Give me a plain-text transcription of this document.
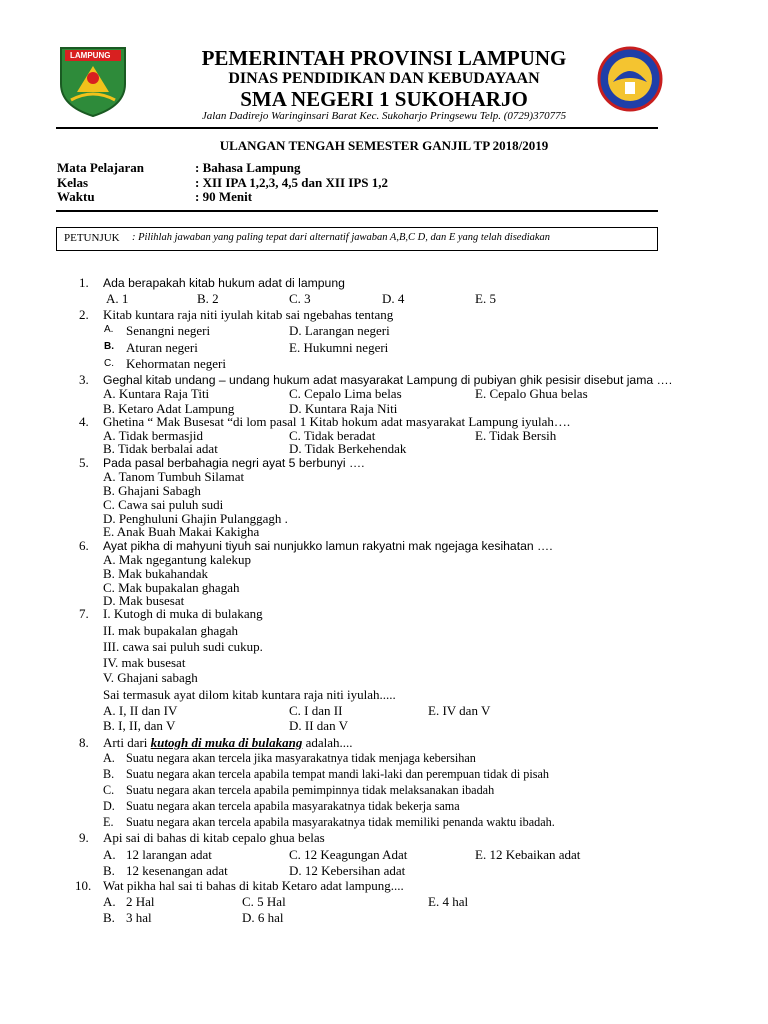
LAMPUNG	PEMERINTAH PROVINSI LAMPUNG
DINAS PENDIDIKAN DAN KEBUDAYAAN
SMA NEGERI 1 SUKOHARJO
Jalan Dadirejo Waringinsari Barat Kec. Sukoharjo Pringsewu Telp. (0729)370775
ULANGAN TENGAH SEMESTER GANJIL TP 2018/2019
Mata Pelajaran	: Bahasa Lampung
Kelas	: XII IPA 1,2,3, 4,5 dan XII IPS 1,2
Waktu	: 90 Menit
PETUNJUK : Pilihlah jawaban yang paling tepat dari alternatif jawaban A,B,C D, dan E yang telah disediakan
1. Ada berapakah kitab hukum adat di lampung
A. 1	B. 2	C. 3	D. 4	E. 5
2. Kitab kuntara raja niti iyulah kitab sai ngebahas tentang
A. Senangni negeri
B. Aturan negeri
C. Kehormatan negeri
D. Larangan negeri
E. Hukumni negeri
3. Geghal kitab undang – undang hukum adat masyarakat Lampung di pubiyan ghik pesisir disebut jama ….
A. Kuntara Raja Titi
B. Ketaro Adat Lampung
C. Cepalo Lima belas
D. Kuntara Raja Niti
E. Cepalo Ghua belas
4. Ghetina “ Mak Busesat “di lom pasal 1 Kitab hokum adat masyarakat Lampung iyulah….
A. Tidak bermasjid
B. Tidak berbalai adat
C. Tidak beradat
D. Tidak Berkehendak
E. Tidak Bersih
5. Pada pasal berbahagia negri ayat 5 berbunyi ….
A. Tanom Tumbuh Silamat
B. Ghajani Sabagh
C. Cawa sai puluh sudi
D. Penghuluni Ghajin Pulanggagh .
E. Anak Buah Makai Kakigha
6. Ayat pikha di mahyuni tiyuh sai nunjukko lamun rakyatni mak ngejaga kesihatan ….
A. Mak ngegantung kalekup
B. Mak bukahandak
C. Mak bupakalan ghagah
D. Mak busesat
7. I. Kutogh di muka di bulakang
II. mak bupakalan ghagah
III. cawa sai puluh sudi cukup.
IV. mak busesat
V. Ghajani sabagh
Sai termasuk ayat dilom kitab kuntara raja niti iyulah.....
A. I, II dan IV
B. I, II, dan V
C. I dan II
D. II dan V
E. IV dan V
8. Arti dari kutogh di muka di bulakang adalah....
A. Suatu negara akan tercela jika masyarakatnya tidak menjaga kebersihan
B. Suatu negara akan tercela apabila tempat mandi laki-laki dan perempuan tidak di pisah
C. Suatu negara akan tercela apabila pemimpinnya tidak melaksanakan ibadah
D. Suatu negara akan tercela apabila masyarakatnya tidak bekerja sama
E. Suatu negara akan tercela apabila masyarakatnya tidak memiliki penanda waktu ibadah.
9. Api sai di bahas di kitab cepalo ghua belas
A. 12 larangan adat
B. 12 kesenangan adat
C. 12 Keagungan Adat
D. 12 Kebersihan adat
E. 12 Kebaikan adat
10. Wat pikha hal sai ti bahas di kitab Ketaro adat lampung....
A. 2 Hal
B. 3 hal
C. 5 Hal
D. 6 hal
E. 4 hal
